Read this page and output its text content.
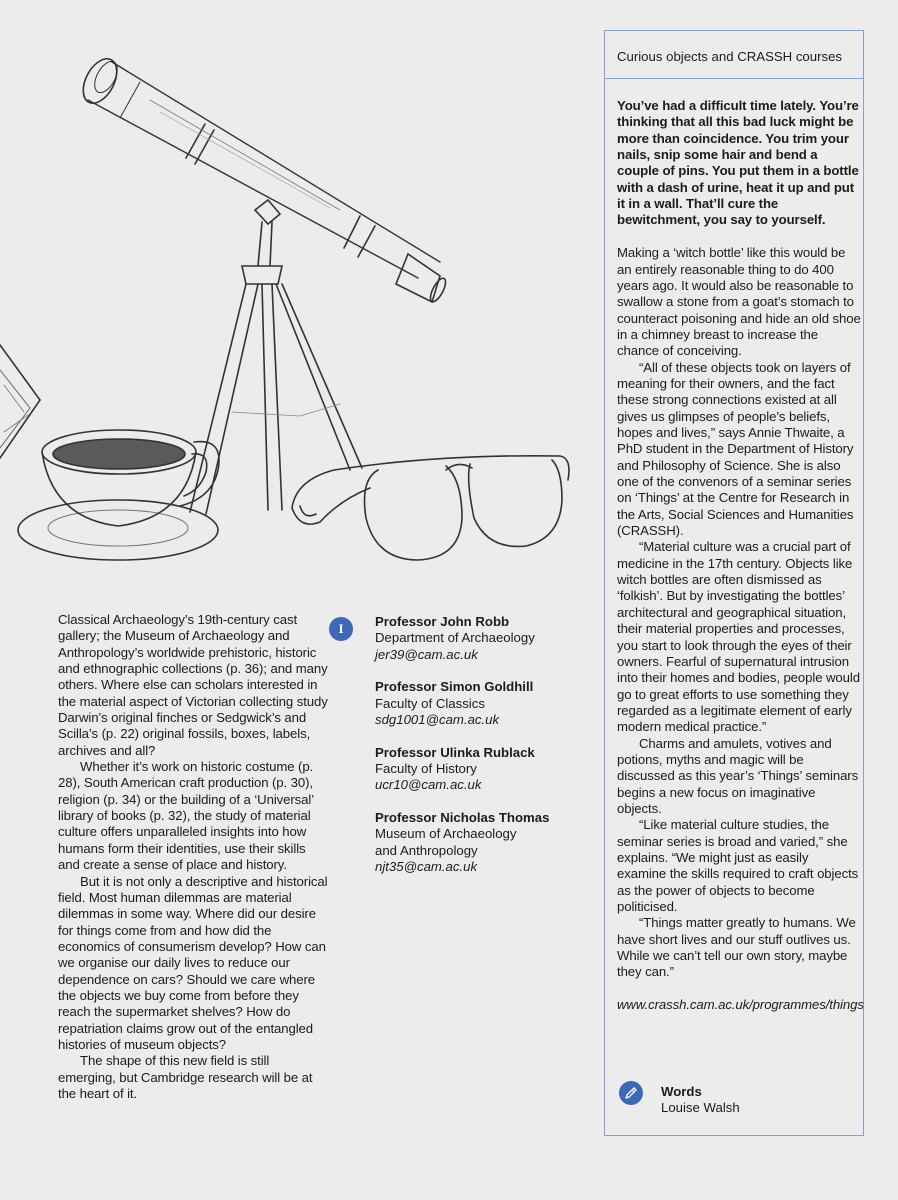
Classical Archaeology’s 19th-century cast gallery; the Museum of Archaeology and Anthropology’s worldwide prehistoric, historic and ethnographic collections (p. 36); and many others. Where else can scholars interested in the material aspect of Victorian collecting study Darwin’s original finches or Sedgwick’s and Scilla’s (p. 22) original fossils, boxes, labels, archives and all?

Whether it’s work on historic costume (p. 28), South American craft production (p. 30), religion (p. 34) or the building of a ‘Universal’ library of books (p. 32), the study of material culture offers unparalleled insights into how humans form their identities, use their skills and create a sense of place and history.

But it is not only a descriptive and historical field. Most human dilemmas are material dilemmas in some way. Where did our desire for things come from and how did the economics of consumerism develop? How can we organise our daily lives to reduce our dependence on cars? Should we care where the objects we buy come from before they reach the supermarket shelves? How do repatriation claims grow out of the entangled histories of museum objects?

The shape of this new field is still emerging, but Cambridge research will be at the heart of it.

I	Professor John Robb
Department of Archaeology
jer39@cam.ac.uk
Professor Simon Goldhill
Faculty of Classics
sdg1001@cam.ac.uk
Professor Ulinka Rublack
Faculty of History
ucr10@cam.ac.uk
Professor Nicholas Thomas
Museum of Archaeology
and Anthropology
njt35@cam.ac.uk
Curious objects and CRASSH courses

You’ve had a difficult time lately. You’re thinking that all this bad luck might be more than coincidence. You trim your nails, snip some hair and bend a couple of pins. You put them in a bottle with a dash of urine, heat it up and put it in a wall. That’ll cure the bewitchment, you say to yourself.

Making a ‘witch bottle’ like this would be an entirely reasonable thing to do 400 years ago. It would also be reasonable to swallow a stone from a goat’s stomach to counteract poisoning and hide an old shoe in a chimney breast to increase the chance of conceiving.

“All of these objects took on layers of meaning for their owners, and the fact these strong connections existed at all gives us glimpses of people’s beliefs, hopes and lives,” says Annie Thwaite, a PhD student in the Department of History and Philosophy of Science. She is also one of the convenors of a seminar series on ‘Things’ at the Centre for Research in the Arts, Social Sciences and Humanities (CRASSH).

“Material culture was a crucial part of medicine in the 17th century. Objects like witch bottles are often dismissed as ‘folkish’. But by investigating the bottles’ architectural and geographical situation, their material properties and processes, you start to look through the eyes of their owners. Fearful of supernatural intrusion into their homes and bodies, people would go to great efforts to use something they regarded as a legitimate element of early modern medical practice.”

Charms and amulets, votives and potions, myths and magic will be discussed as this year’s ‘Things’ seminars begins a new focus on imaginative objects.

“Like material culture studies, the seminar series is broad and varied,” she explains. “We might just as easily examine the skills required to craft objects as the power of objects to become politicised.

“Things matter greatly to humans. We have short lives and our stuff outlives us. While we can’t tell our own story, maybe they can.”

www.crassh.cam.ac.uk/programmes/things

Words
Louise Walsh
